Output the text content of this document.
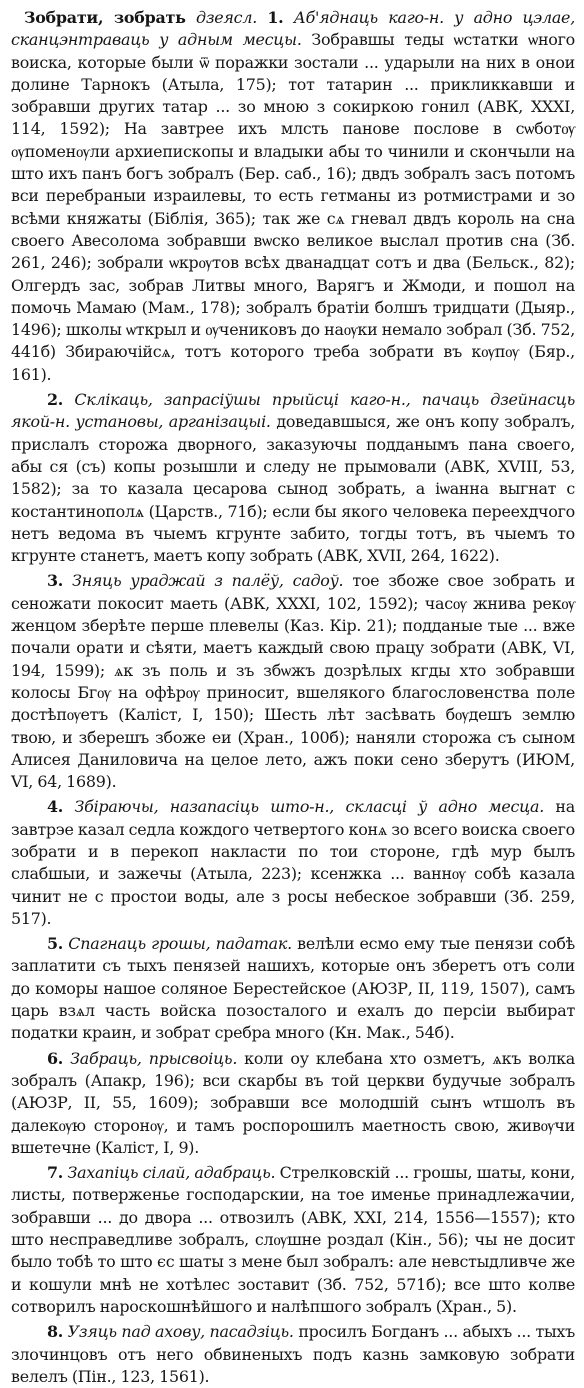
Зобрати, зобрать дзеясл. 1. Аб'яднаць каго-н. у адно цэлае, сканцэнтраваць у адным месцы. Зобравшы теды ѡстатки ѡного воиска, которые были ѿ поражки зостали ... ударыли на них в онои долине Тарнокъ (Атыла, 175); тот татарин ... прикликкавши и зобравши других татар ... зо мною з сокиркою гонил (АВК, XXXI, 114, 1592); На завтрее ихъ млсть панове послове в сѡботѹ ѹпоменѹли архиепископы и владыки абы то чинили и скончыли на што ихъ панъ богъ зобралъ (Бер. саб., 16); двдъ зобралъ засъ потомъ вси перебраныи израилевы, то есть гетманы из ротмистрами и зо всѣми княжаты (Біблія, 365); так же сѧ гневал двдъ король на сна своего Авесолома зобравши вѡско великое выслал против сна (Зб. 261, 246); зобрали ѡкрѹтов всѣх дванадцат сотъ и два (Бельск., 82); Олгердъ зас, зобрав Литвы много, Варягъ и Жмоди, и пошол на помочь Мамаю (Мам., 178); зобралъ братіи болшъ тридцати (Дыяр., 1496); школы ѡткрыл и ѹчениковъ до наѹки немало зобрал (Зб. 752, 441б) Збираючійсѧ, тотъ которого треба зобрати въ кѹпѹ (Бяр., 161).

2. Склікаць, запрасіўшы прыйсці каго-н., пачаць дзейнасць якой-н. установы, арганізацыі. доведавшыся, же онъ копу зобралъ, прислалъ сторожа дворного, заказуючы подданымъ пана своего, абы ся (съ) копы розышли и следу не прымовали (АВК, XVIII, 53, 1582); за то казала цесарова сынод зобрать, а іѡанна выгнат с костантинополѧ (Царств., 71б); если бы якого человека переехдчого нетъ ведома въ чыемъ кгрунте забито, тогды тотъ, въ чыемъ то кгрунте станетъ, маетъ копу зобрать (АВК, XVII, 264, 1622).

3. Зняць ураджай з палёў, садоў. тое збоже свое зобрать и сеножати покосит маеть (АВК, XXXI, 102, 1592); часѹ жнива рекѹ женцом зберѣте перше плевелы (Каз. Кір. 21); подданые тые ... вже почали орати и сѣяти, маетъ каждый свою працу зобрати (АВК, VI, 194, 1599); ѧк зъ поль и зъ збѡжъ дозрѣлых кгды хто зобравши колосы Бгѹ на офѣрѹ приносит, вшелякого благословенства поле достѣпѹетъ (Каліст, I, 150); Шесть лѣт засѣвать бѹдешъ землю твою, и зберешъ збоже еи (Хран., 100б); наняли сторожа съ сыном Алисея Даниловича на целое лето, ажъ поки сено зберутъ (ИЮМ, VI, 64, 1689).

4. Збіраючы, назапасіць што-н., скласці ў адно месца. на завтрэе казал седла кождого четвертого конѧ зо всего воиска своего зобрати и в перекоп накласти по тои стороне, гдѣ мур былъ слабшыи, и зажечы (Атыла, 223); ксенжка ... ваннѹ собѣ казала чинит не с простои воды, але з росы небеское зобравши (Зб. 259, 517).

5. Спагнаць грошы, падатак. велѣли есмо ему тые пенязи собѣ заплатити съ тыхъ пенязей нашихъ, которые онъ зберетъ отъ соли до коморы нашое соляное Берестейское (АЮЗР, II, 119, 1507), самъ царь взѧл часть войска позосталого и ехалъ до персіи выбират податки краин, и зобрат сребра много (Кн. Мак., 54б).

6. Забраць, прысвоіць. коли оу клебана хто озметъ, ѧкъ волка зобралъ (Апакр, 196); вси скарбы въ той церкви будучые зобралъ (АЮЗР, II, 55, 1609); зобравши все молодшій сынъ ѡтшолъ въ далекѹю сторонѹ, и тамъ роспорошилъ маетность свою, живѹчи вшетечне (Каліст, I, 9).

7. Захапіць сілай, адабраць. Стрелковскій ... грошы, шаты, кони, листы, потверженье господарскии, на тое именье принадлежачии, зобравши ... до двора ... отвозилъ (АВК, XXI, 214, 1556—1557); кто што несправедливе зобралъ, слѹшне роздал (Кін., 56); чы не досит было тобѣ то што єс шаты з мене был зобралъ: але невстыдливче же и кошули мнѣ не хотѣлес зоставит (Зб. 752, 571б); все што колве сотворилъ нароскошнѣйшого и налѣпшого зобралъ (Хран., 5).

8. Узяць пад ахову, пасадзіць. просилъ Богданъ ... абыхъ ... тыхъ злочинцовъ отъ него обвиненыхъ подъ казнь замковую зобрати велелъ (Пін., 123, 1561).
